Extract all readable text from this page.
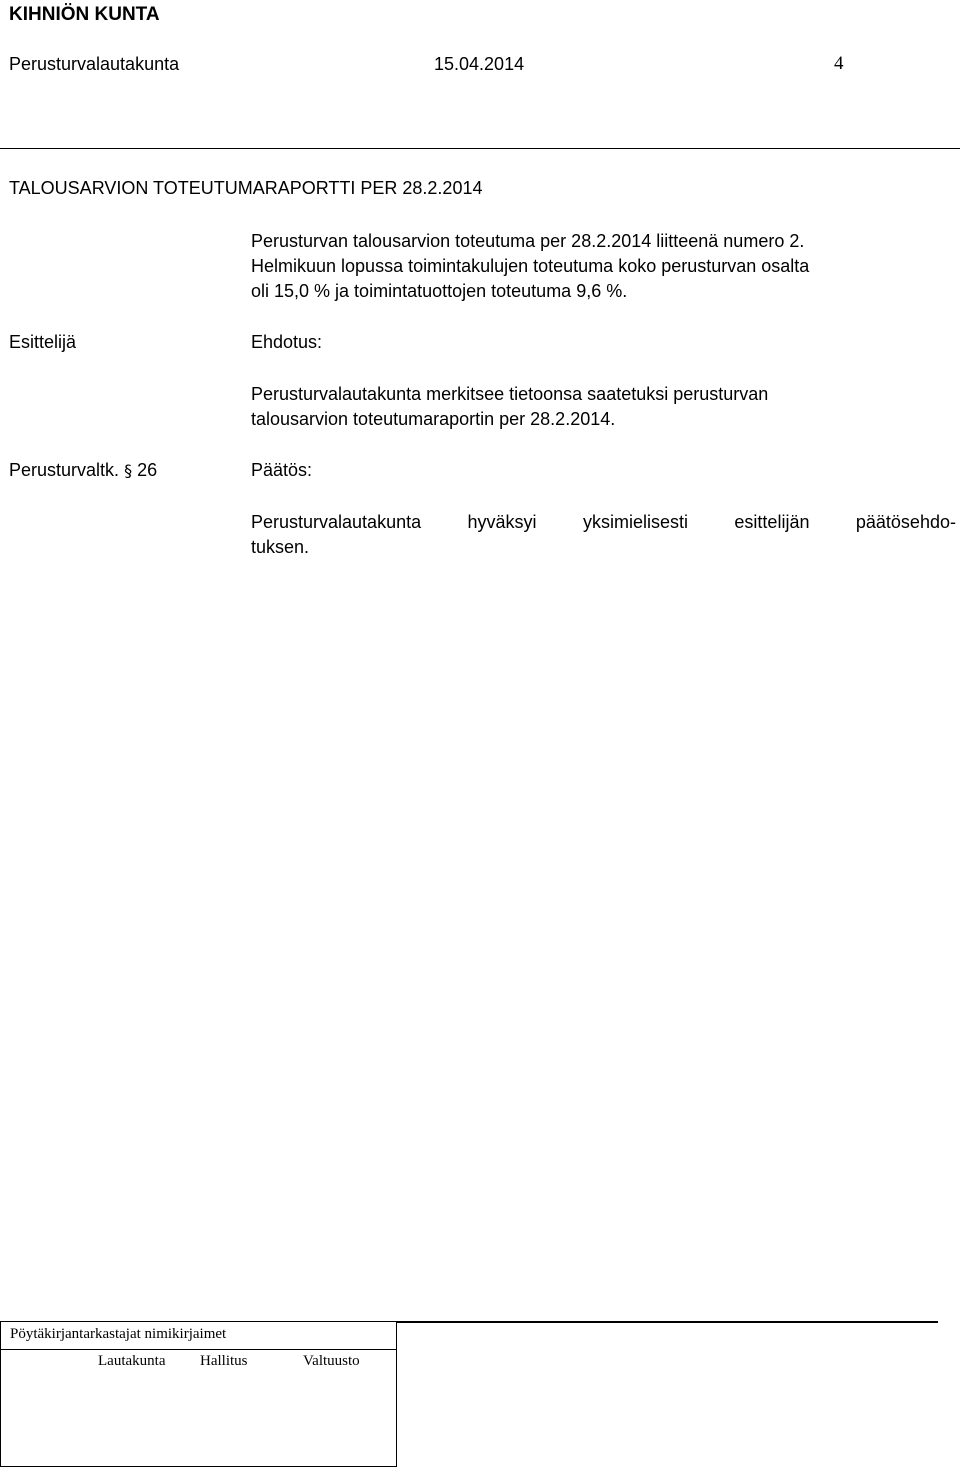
KIHNIÖN KUNTA
Perusturvalautakunta	15.04.2014	4
TALOUSARVION TOTEUTUMARAPORTTI PER 28.2.2014
Perusturvan talousarvion toteutuma per 28.2.2014 liitteenä numero 2.
Helmikuun lopussa toimintakulujen toteutuma koko perusturvan osalta
oli 15,0 % ja toimintatuottojen toteutuma 9,6 %.
Esittelijä	Ehdotus:
Perusturvalautakunta merkitsee tietoonsa saatetuksi perusturvan
talousarvion toteutumaraportin per 28.2.2014.
Perusturvaltk. § 26	Päätös:
Perusturvalautakunta	hyväksyi	yksimielisesti	esittelijän	päätösehdo-
tuksen.
Pöytäkirjantarkastajat nimikirjaimet
Lautakunta Hallitus	Valtuusto
